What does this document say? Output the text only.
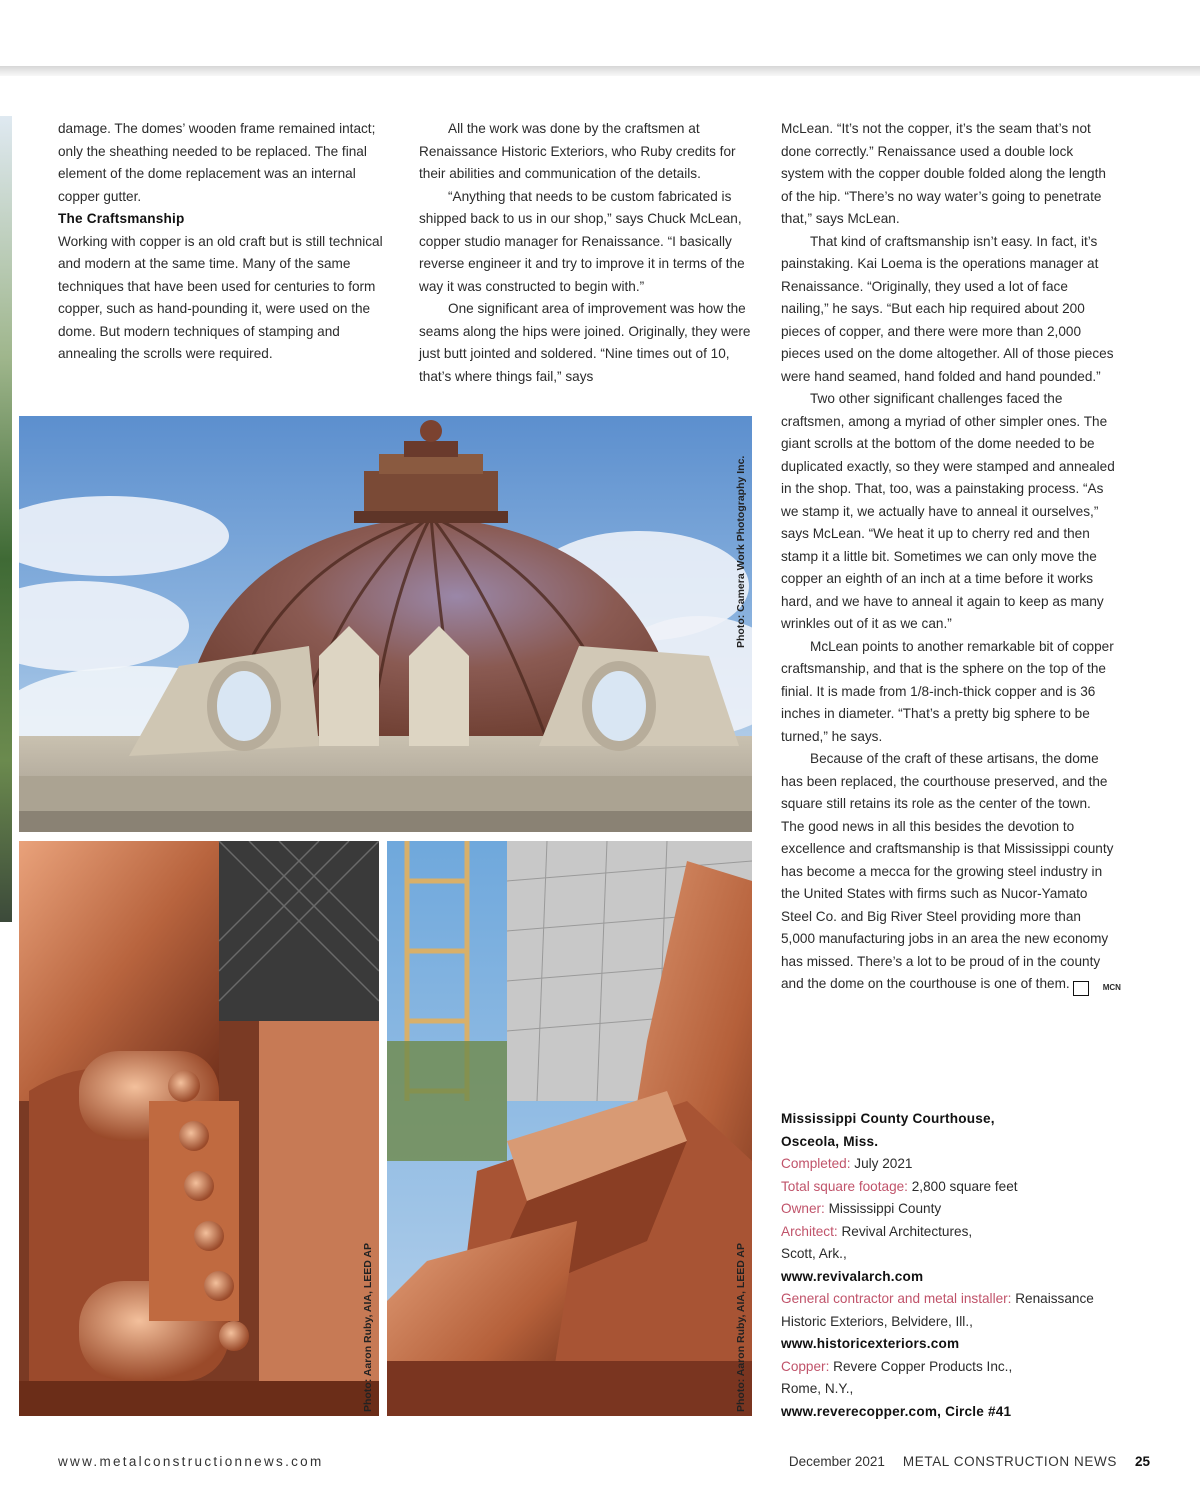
damage. The domes’ wooden frame remained intact; only the sheathing needed to be replaced. The final element of the dome replacement was an internal copper gutter.

The Craftsmanship

Working with copper is an old craft but is still technical and modern at the same time. Many of the same techniques that have been used for centuries to form copper, such as hand-pounding it, were used on the dome. But modern techniques of stamping and annealing the scrolls were required.

All the work was done by the craftsmen at Renaissance Historic Exteriors, who Ruby credits for their abilities and communication of the details.

“Anything that needs to be custom fabricated is shipped back to us in our shop,” says Chuck McLean, copper studio manager for Renaissance. “I basically reverse engineer it and try to improve it in terms of the way it was constructed to begin with.”

One significant area of improvement was how the seams along the hips were joined. Originally, they were just butt jointed and soldered. “Nine times out of 10, that’s where things fail,” says

McLean. “It’s not the copper, it’s the seam that’s not done correctly.” Renaissance used a double lock system with the copper double folded along the length of the hip. “There’s no way water’s going to penetrate that,” says McLean.

That kind of craftsmanship isn’t easy. In fact, it’s painstaking. Kai Loema is the operations manager at Renaissance. “Originally, they used a lot of face nailing,” he says. “But each hip required about 200 pieces of copper, and there were more than 2,000 pieces used on the dome altogether. All of those pieces were hand seamed, hand folded and hand pounded.”

Two other significant challenges faced the craftsmen, among a myriad of other simpler ones. The giant scrolls at the bottom of the dome needed to be duplicated exactly, so they were stamped and annealed in the shop. That, too, was a painstaking process. “As we stamp it, we actually have to anneal it ourselves,” says McLean. “We heat it up to cherry red and then stamp it a little bit. Sometimes we can only move the copper an eighth of an inch at a time before it works hard, and we have to anneal it again to keep as many wrinkles out of it as we can.”

McLean points to another remarkable bit of copper craftsmanship, and that is the sphere on the top of the finial. It is made from 1/8-inch-thick copper and is 36 inches in diameter. “That’s a pretty big sphere to be turned,” he says.

Because of the craft of these artisans, the dome has been replaced, the courthouse preserved, and the square still retains its role as the center of the town. The good news in all this besides the devotion to excellence and craftsmanship is that Mississippi county has become a mecca for the growing steel industry in the United States with firms such as Nucor-Yamato Steel Co. and Big River Steel providing more than 5,000 manufacturing jobs in an area the new economy has missed. There’s a lot to be proud of in the county and the dome on the courthouse is one of them.	MCN

Photo: Camera Work Photography Inc.
Photo: Aaron Ruby, AIA, LEED AP	Photo: Aaron Ruby, AIA, LEED AP
Mississippi County Courthouse,
Osceola, Miss.
Completed: July 2021
Total square footage: 2,800 square feet
Owner: Mississippi County
Architect: Revival Architectures,
Scott, Ark.,
www.revivalarch.com
General contractor and metal installer: Renaissance
Historic Exteriors, Belvidere, Ill.,
www.historicexteriors.com
Copper: Revere Copper Products Inc.,
Rome, N.Y.,
www.reverecopper.com, Circle #41
www.metalconstructionnews.com	December 2021 METAL CONSTRUCTION NEWS 25
